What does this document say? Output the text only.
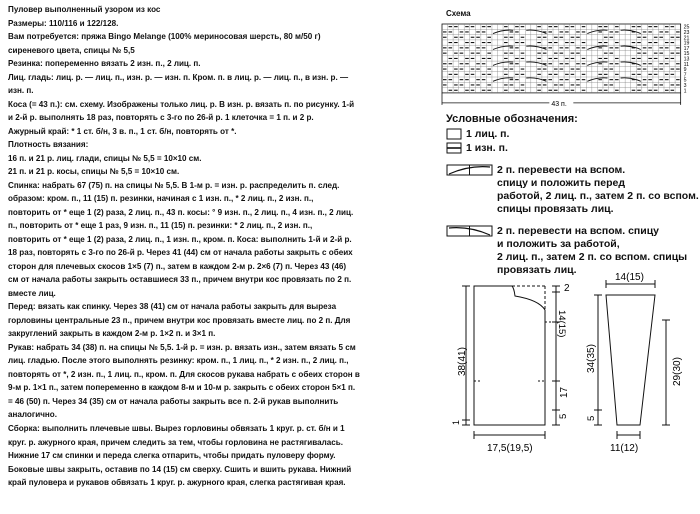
Пуловер выполненный узором из кос

Размеры: 110/116 и 122/128.

Вам потребуется: пряжа Bingo Melange (100% мериносовая шерсть, 80 м/50 г)

сиреневого цвета, спицы № 5,5

Резинка: попеременно вязать 2 изн. п., 2 лиц. п.

Лиц. гладь: лиц. р. — лиц. п., изн. р. — изн. п. Кром. п. в лиц. р. — лиц. п., в изн. р. —

изн. п.

Коса (= 43 п.): см. схему. Изображены только лиц. р. В изн. р. вязать п. по рисунку. 1-й

и 2-й р. выполнять 18 раз, повторять с 3-го по 26-й р. 1 клеточка = 1 п. и 2 р.

Ажурный край: * 1 ст. б/н, 3 в. п., 1 ст. б/н, повторять от *.

Плотность вязания:

16 п. и 21 р. лиц. глади, спицы № 5,5 = 10×10 см.

21 п. и 21 р. косы, спицы № 5,5 = 10×10 см.

Спинка: набрать 67 (75) п. на спицы № 5,5. В 1-м р. = изн. р. распределить п. след.

образом: кром. п., 11 (15) п. резинки, начиная с 1 изн. п., * 2 лиц. п., 2 изн. п.,

повторить от * еще 1 (2) раза, 2 лиц. п., 43 п. косы: ° 9 изн. п., 2 лиц. п., 4 изн. п., 2 лиц.

п., повторить от * еще 1 раз, 9 изн. п., 11 (15) п. резинки: * 2 лиц. п., 2 изн. п.,

повторить от * еще 1 (2) раза, 2 лиц. п., 1 изн. п., кром. п. Коса: выполнить 1-й и 2-й р.

18 раз, повторять с 3-го по 26-й р. Через 41 (44) см от начала работы закрыть с обеих

сторон для плечевых скосов 1×5 (7) п., затем в каждом 2-м р. 2×6 (7) п. Через 43 (46)

см от начала работы закрыть оставшиеся 33 п., причем внутри кос провязать по 2 п.

вместе лиц.

Перед: вязать как спинку. Через 38 (41) см от начала работы закрыть для выреза

горловины центральные 23 п., причем внутри кос провязать вместе лиц. по 2 п. Для

закруглений закрыть в каждом 2-м р. 1×2 п. и 3×1 п.

Рукав: набрать 34 (38) п. на спицы № 5,5. 1-й р. = изн. р. вязать изн., затем вязать 5 см

лиц. гладью. После этого выполнять резинку: кром. п., 1 лиц. п., * 2 изн. п., 2 лиц. п.,

повторять от *, 2 изн. п., 1 лиц. п., кром. п. Для скосов рукава набрать с обеих сторон в

9-м р. 1×1 п., затем попеременно в каждом 8-м и 10-м р. закрыть с обеих сторон 5×1 п.

= 46 (50) п. Через 34 (35) см от начала работы закрыть все п. 2-й рукав выполнить

аналогично.

Сборка: выполнить плечевые швы. Вырез горловины обвязать 1 круг. р. ст. б/н и 1

круг. р. ажурного края, причем следить за тем, чтобы горловина не растягивалась.

Нижние 17 см спинки и переда слегка отпарить, чтобы придать пуловеру форму.

Боковые швы закрыть, оставив по 14 (15) см сверху. Сшить и вшить рукава. Нижний

край пуловера и рукавов обвязать 1 круг. р. ажурного края, слегка растягивая края.

Схема
25
23
21
19
17
15
13
11
9
7
5
3
1
43 п.
Условные обозначения:
1 лиц. п.
1 изн. п.
2 п. перевести на вспом.
спицу и положить перед
работой, 2 лиц. п., затем 2 п. со вспом.
спицы провязать лиц.
2 п. перевести на вспом. спицу
и положить за работой,
2 лиц. п., затем 2 п. со вспом. спицы
провязать лиц.
2
14(15)
17
5
38(41)
1
17,5(19,5)
14(15)
34(35)
5
29(30)
11(12)
